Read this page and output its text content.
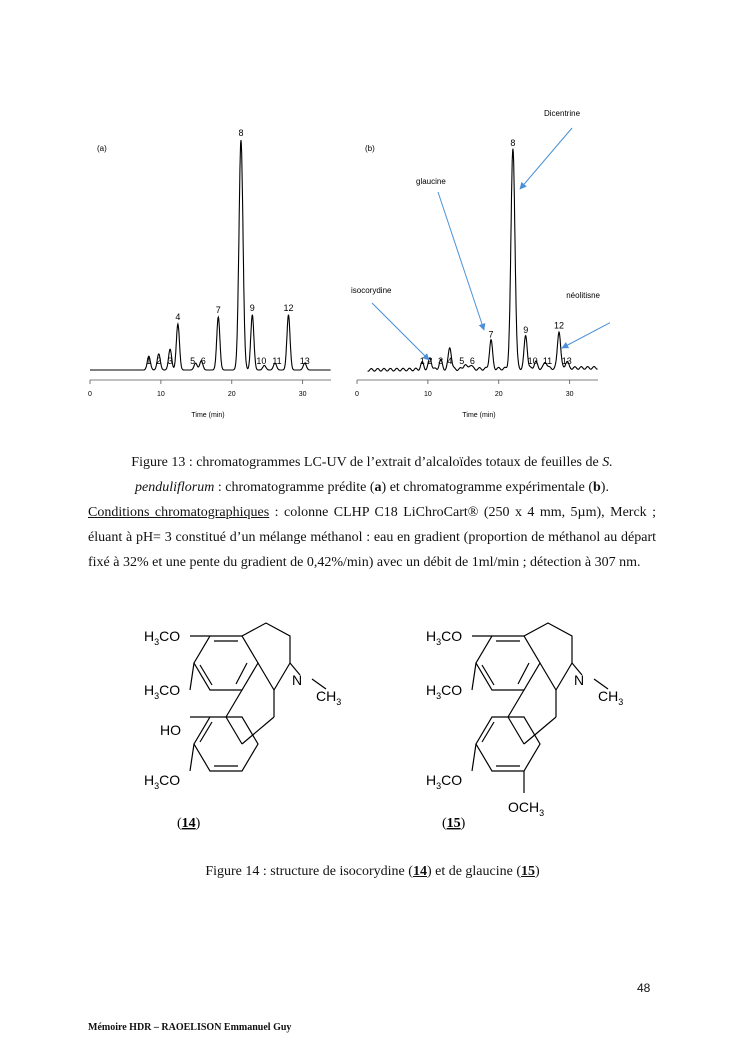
(a)	(b)
1 2 3
4
5 6
7
8
9
10 11
12
13	1 2 3 4 5 6
7
8
9
10 11
12
13
0	10	20	30	0	10	20	30
Time (min)	Time (min)
Dicentrine
glaucine
isocorydine
néolitisne
Figure 13 : chromatogrammes LC-UV de l’extrait d’alcaloïdes totaux de feuilles de S.
penduliflorum : chromatogramme prédite (a) et chromatogramme expérimentale (b).
Conditions chromatographiques : colonne CLHP C18 LiChroCart® (250 x 4 mm, 5µm), Merck ; éluant à pH= 3 constitué d’un mélange méthanol : eau en gradient (proportion de méthanol au départ fixé à 32% et une pente du gradient de 0,42%/min) avec un débit de 1ml/min ; détection à 307 nm.
$H_3CO$
$H_3CO$
HO
$H_3CO$
N
$CH_3$
(14)
$H_3CO$
$H_3CO$
$H_3CO$
$OCH_3$
N
$CH_3$
(15)
Figure 14 : structure de isocorydine (14) et de glaucine (15)
48
Mémoire HDR – RAOELISON Emmanuel Guy
